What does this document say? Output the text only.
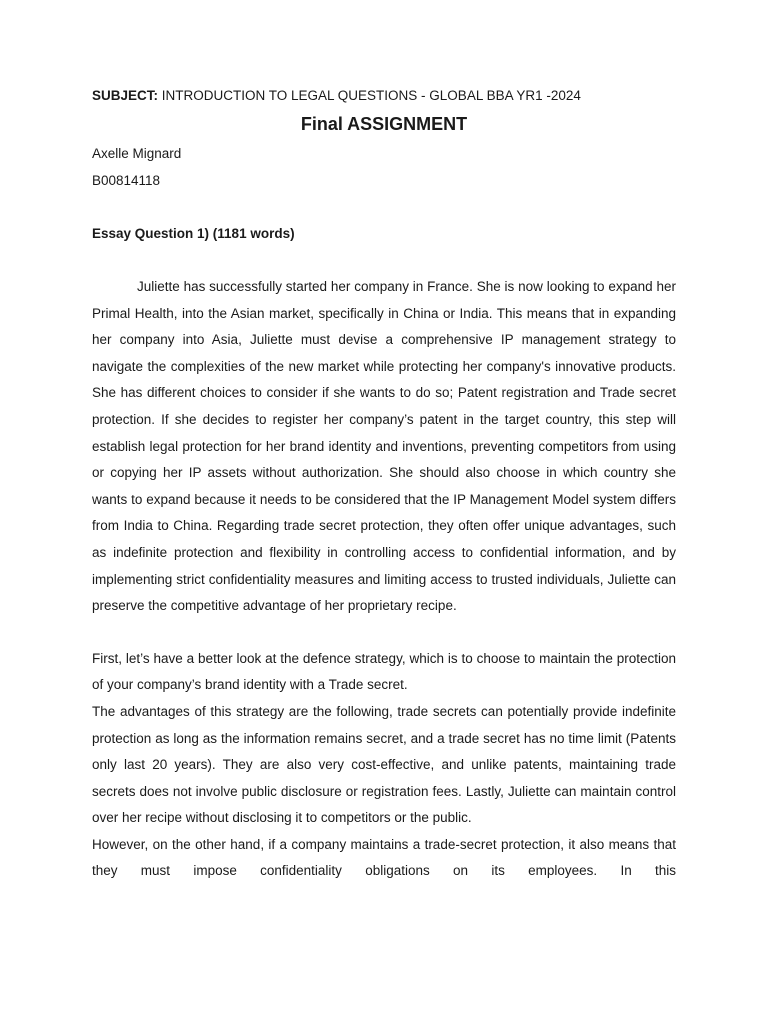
SUBJECT: INTRODUCTION TO LEGAL QUESTIONS - GLOBAL BBA YR1 -2024

Final ASSIGNMENT

Axelle Mignard

B00814118

Essay Question 1) (1181 words)

Juliette has successfully started her company in France. She is now looking to expand her Primal Health, into the Asian market, specifically in China or India. This means that in expanding her company into Asia, Juliette must devise a comprehensive IP management strategy to navigate the complexities of the new market while protecting her company's innovative products. She has different choices to consider if she wants to do so; Patent registration and Trade secret protection. If she decides to register her company’s patent in the target country, this step will establish legal protection for her brand identity and inventions, preventing competitors from using or copying her IP assets without authorization. She should also choose in which country she wants to expand because it needs to be considered that the IP Management Model system differs from India to China. Regarding trade secret protection, they often offer unique advantages, such as indefinite protection and flexibility in controlling access to confidential information, and by implementing strict confidentiality measures and limiting access to trusted individuals, Juliette can preserve the competitive advantage of her proprietary recipe.

First, let’s have a better look at the defence strategy, which is to choose to maintain the protection of your company’s brand identity with a Trade secret.

The advantages of this strategy are the following, trade secrets can potentially provide indefinite protection as long as the information remains secret, and a trade secret has no time limit (Patents only last 20 years). They are also very cost-effective, and unlike patents, maintaining trade secrets does not involve public disclosure or registration fees. Lastly, Juliette can maintain control over her recipe without disclosing it to competitors or the public.

However, on the other hand, if a company maintains a trade-secret protection, it also means that they must impose confidentiality obligations on its employees. In this
